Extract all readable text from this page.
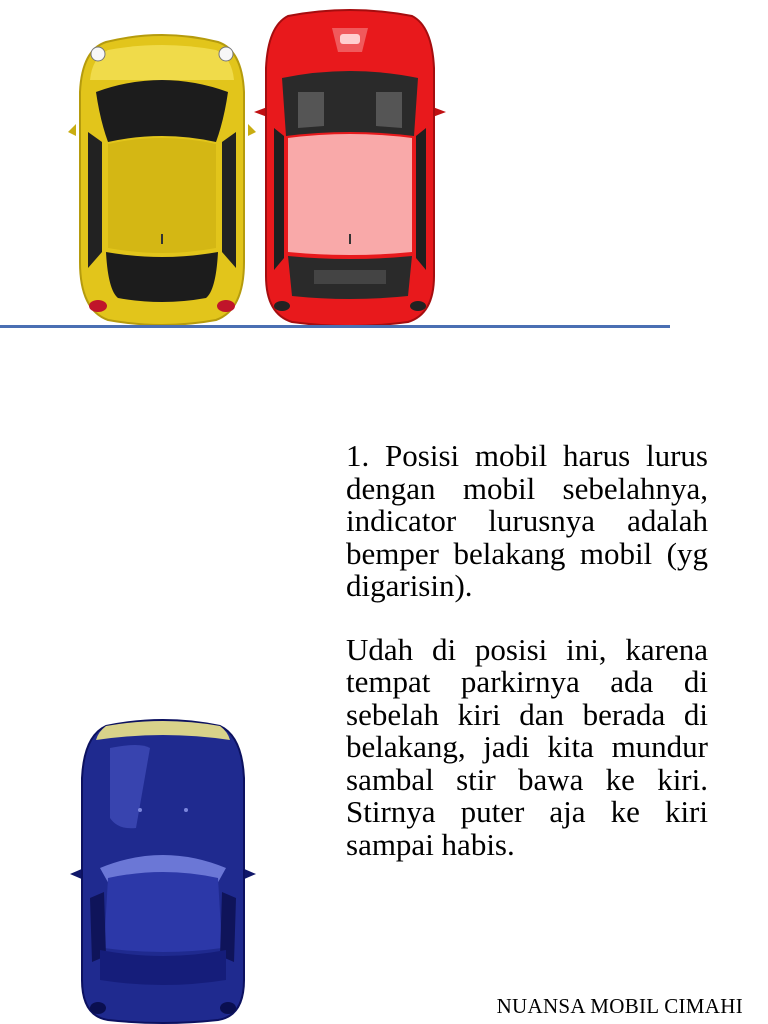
1. Posisi mobil harus lurus dengan mobil sebelahnya, indicator lurusnya adalah bemper belakang mobil (yg digarisin).

Udah di posisi ini, karena tempat parkirnya ada di sebelah kiri dan berada di belakang, jadi kita mundur sambal stir bawa ke kiri. Stirnya puter aja ke kiri sampai habis.

NUANSA MOBIL CIMAHI
